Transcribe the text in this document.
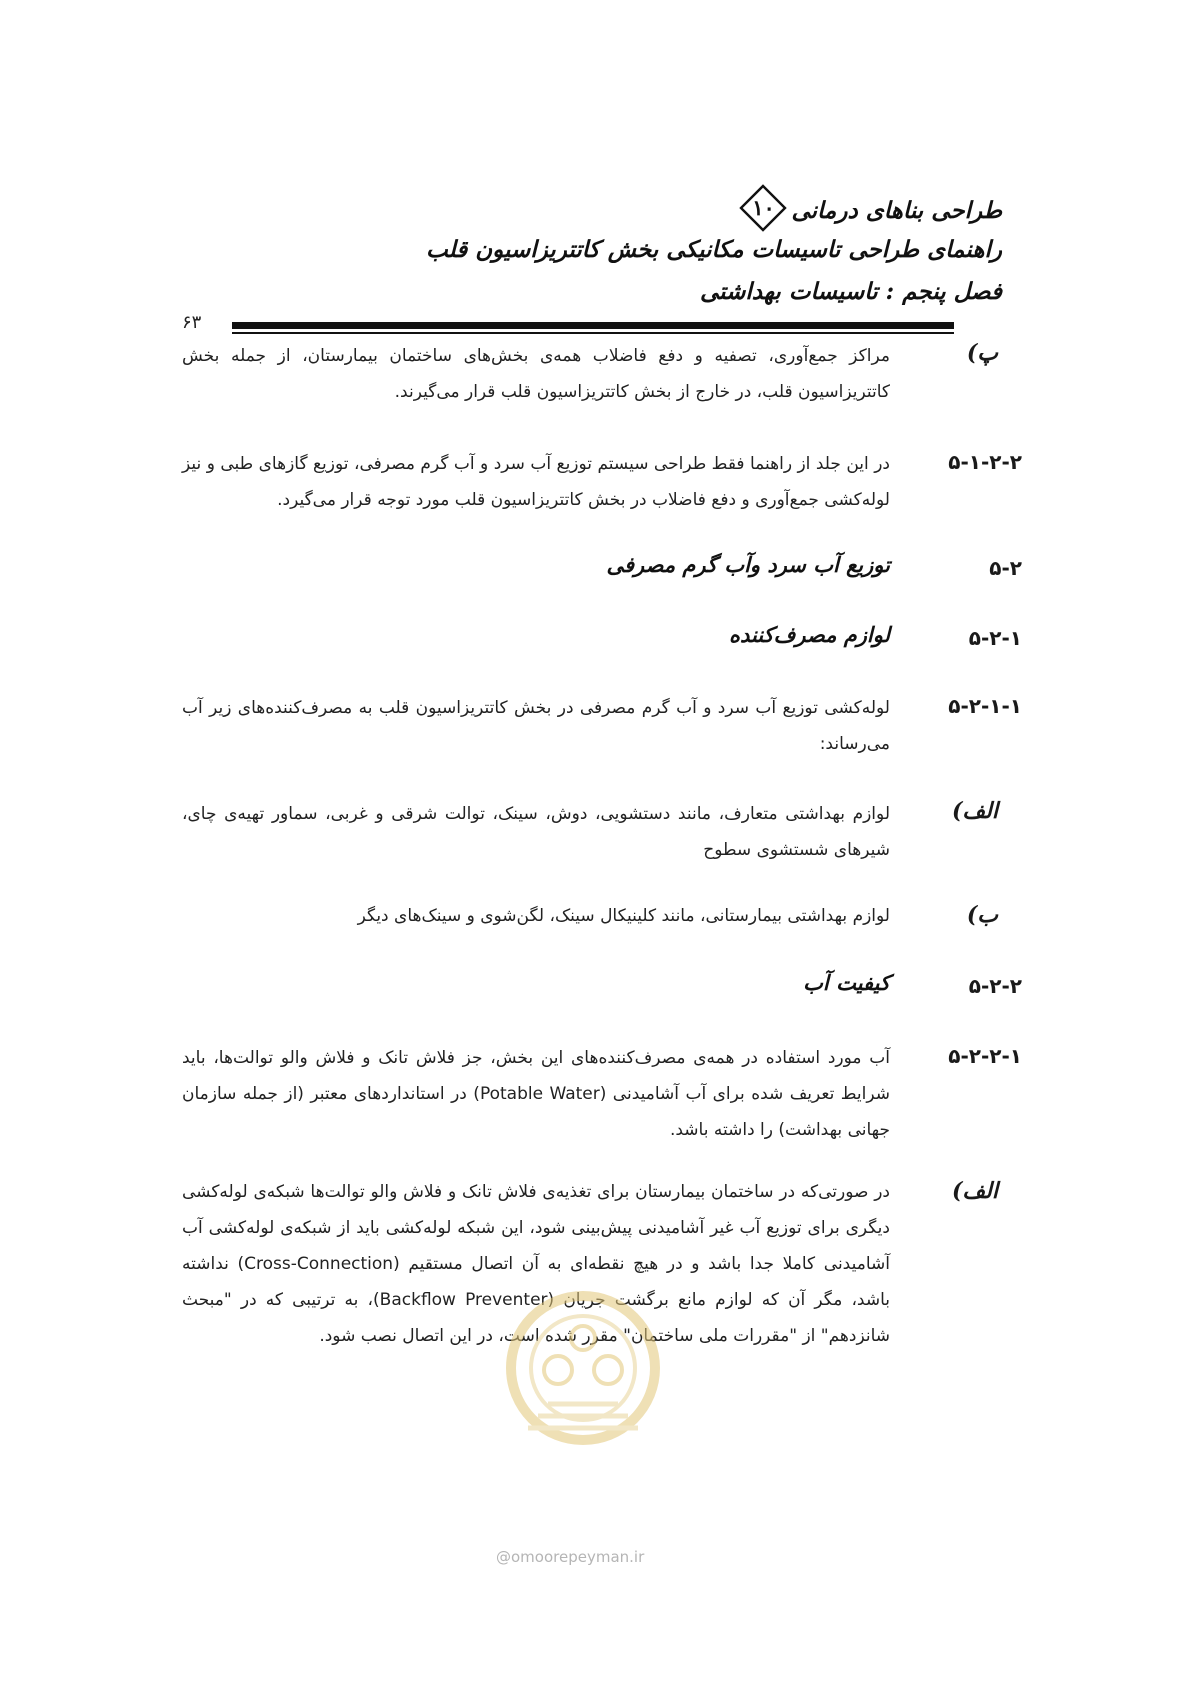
طراحی بناهای درمانی
۱۰
راهنمای طراحی تاسیسات مکانیکی بخش کاتتریزاسیون قلب
فصل پنجم : تاسیسات بهداشتی
۶۳
پ)
مراکز جمع‌آوری، تصفیه و دفع فاضلاب همه‌ی بخش‌های ساختمان بیمارستان، از جمله بخش کاتتریزاسیون قلب، در خارج از بخش کاتتریزاسیون قلب قرار می‌گیرند.
۵-۱-۲-۲
در این جلد از راهنما فقط طراحی سیستم توزیع آب سرد و آب گرم مصرفی، توزیع گازهای طبی و نیز لوله‌کشی جمع‌آوری و دفع فاضلاب در بخش کاتتریزاسیون قلب مورد توجه قرار می‌گیرد.
۵-۲
توزیع آب سرد وآب گرم مصرفی
۵-۲-۱
لوازم مصرف‌کننده
۵-۲-۱-۱
لوله‌کشی توزیع آب سرد و آب گرم مصرفی در بخش کاتتریزاسیون قلب به مصرف‌کننده‌های زیر آب می‌رساند:
الف)
لوازم بهداشتی متعارف، مانند دستشویی، دوش، سینک، توالت شرقی و غربی، سماور تهیه‌ی چای، شیرهای شستشوی سطوح
ب)
لوازم بهداشتی بیمارستانی، مانند کلینیکال سینک، لگن‌شوی و سینک‌های دیگر
۵-۲-۲
کیفیت آب
۵-۲-۲-۱
آب مورد استفاده در همه‌ی مصرف‌کننده‌های این بخش، جز فلاش تانک و فلاش والو توالت‌ها، باید شرایط تعریف شده برای آب آشامیدنی (Potable Water) در استانداردهای معتبر (از جمله سازمان جهانی بهداشت) را داشته باشد.
الف)
در صورتی‌که در ساختمان بیمارستان برای تغذیه‌ی فلاش تانک و فلاش والو توالت‌ها شبکه‌ی لوله‌کشی دیگری برای توزیع آب غیر آشامیدنی پیش‌بینی شود، این شبکه لوله‌کشی باید از شبکه‌ی لوله‌کشی آب آشامیدنی کاملا جدا باشد و در هیچ نقطه‌ای به آن اتصال مستقیم (Cross-Connection) نداشته باشد، مگر آن که لوازم مانع برگشت جریان (Backflow Preventer)، به ترتیبی که در "مبحث شانزدهم" از "مقررات ملی ساختمان" مقرر شده است، در این اتصال نصب شود.
@omoorepeyman.ir
